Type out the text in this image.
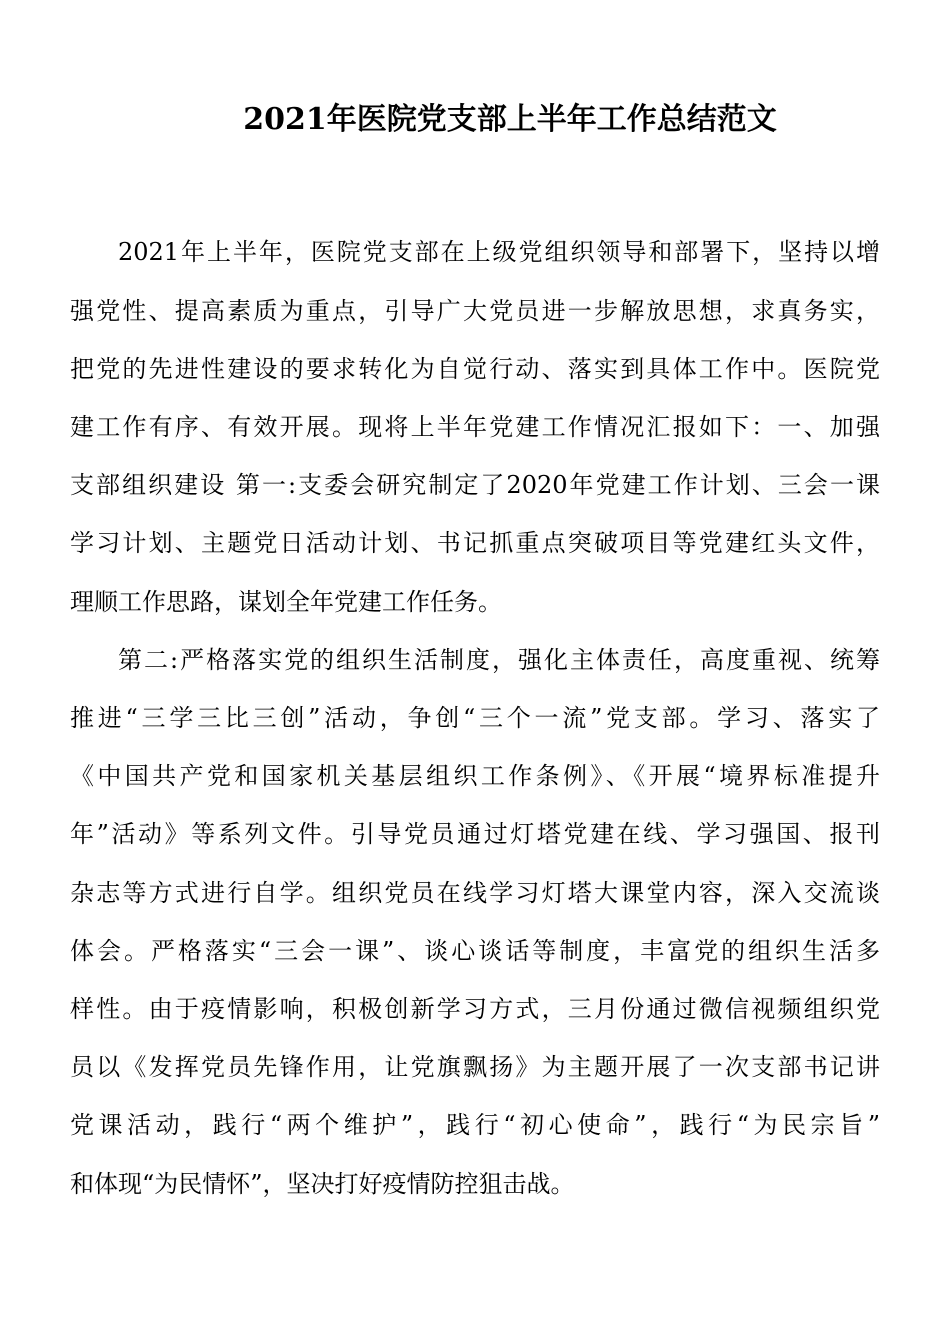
2021年医院党支部上半年工作总结范文
2021年上半年，医院党支部在上级党组织领导和部署下，坚持以增
强党性、提高素质为重点，引导广大党员进一步解放思想，求真务实，
把党的先进性建设的要求转化为自觉行动、落实到具体工作中。医院党
建工作有序、有效开展。现将上半年党建工作情况汇报如下：一、加强
支部组织建设 第一:支委会研究制定了2020年党建工作计划、三会一课
学习计划、主题党日活动计划、书记抓重点突破项目等党建红头文件，
理顺工作思路，谋划全年党建工作任务。
第二:严格落实党的组织生活制度，强化主体责任，高度重视、统筹
推进“三学三比三创”活动，争创“三个一流”党支部。学习、落实了
《中国共产党和国家机关基层组织工作条例》、《开展“境界标准提升
年”活动》等系列文件。引导党员通过灯塔党建在线、学习强国、报刊
杂志等方式进行自学。组织党员在线学习灯塔大课堂内容，深入交流谈
体会。严格落实“三会一课”、谈心谈话等制度，丰富党的组织生活多
样性。由于疫情影响，积极创新学习方式，三月份通过微信视频组织党
员以《发挥党员先锋作用，让党旗飘扬》为主题开展了一次支部书记讲
党课活动，践行“两个维护”，践行“初心使命”，践行“为民宗旨”
和体现“为民情怀”，坚决打好疫情防控狙击战。
